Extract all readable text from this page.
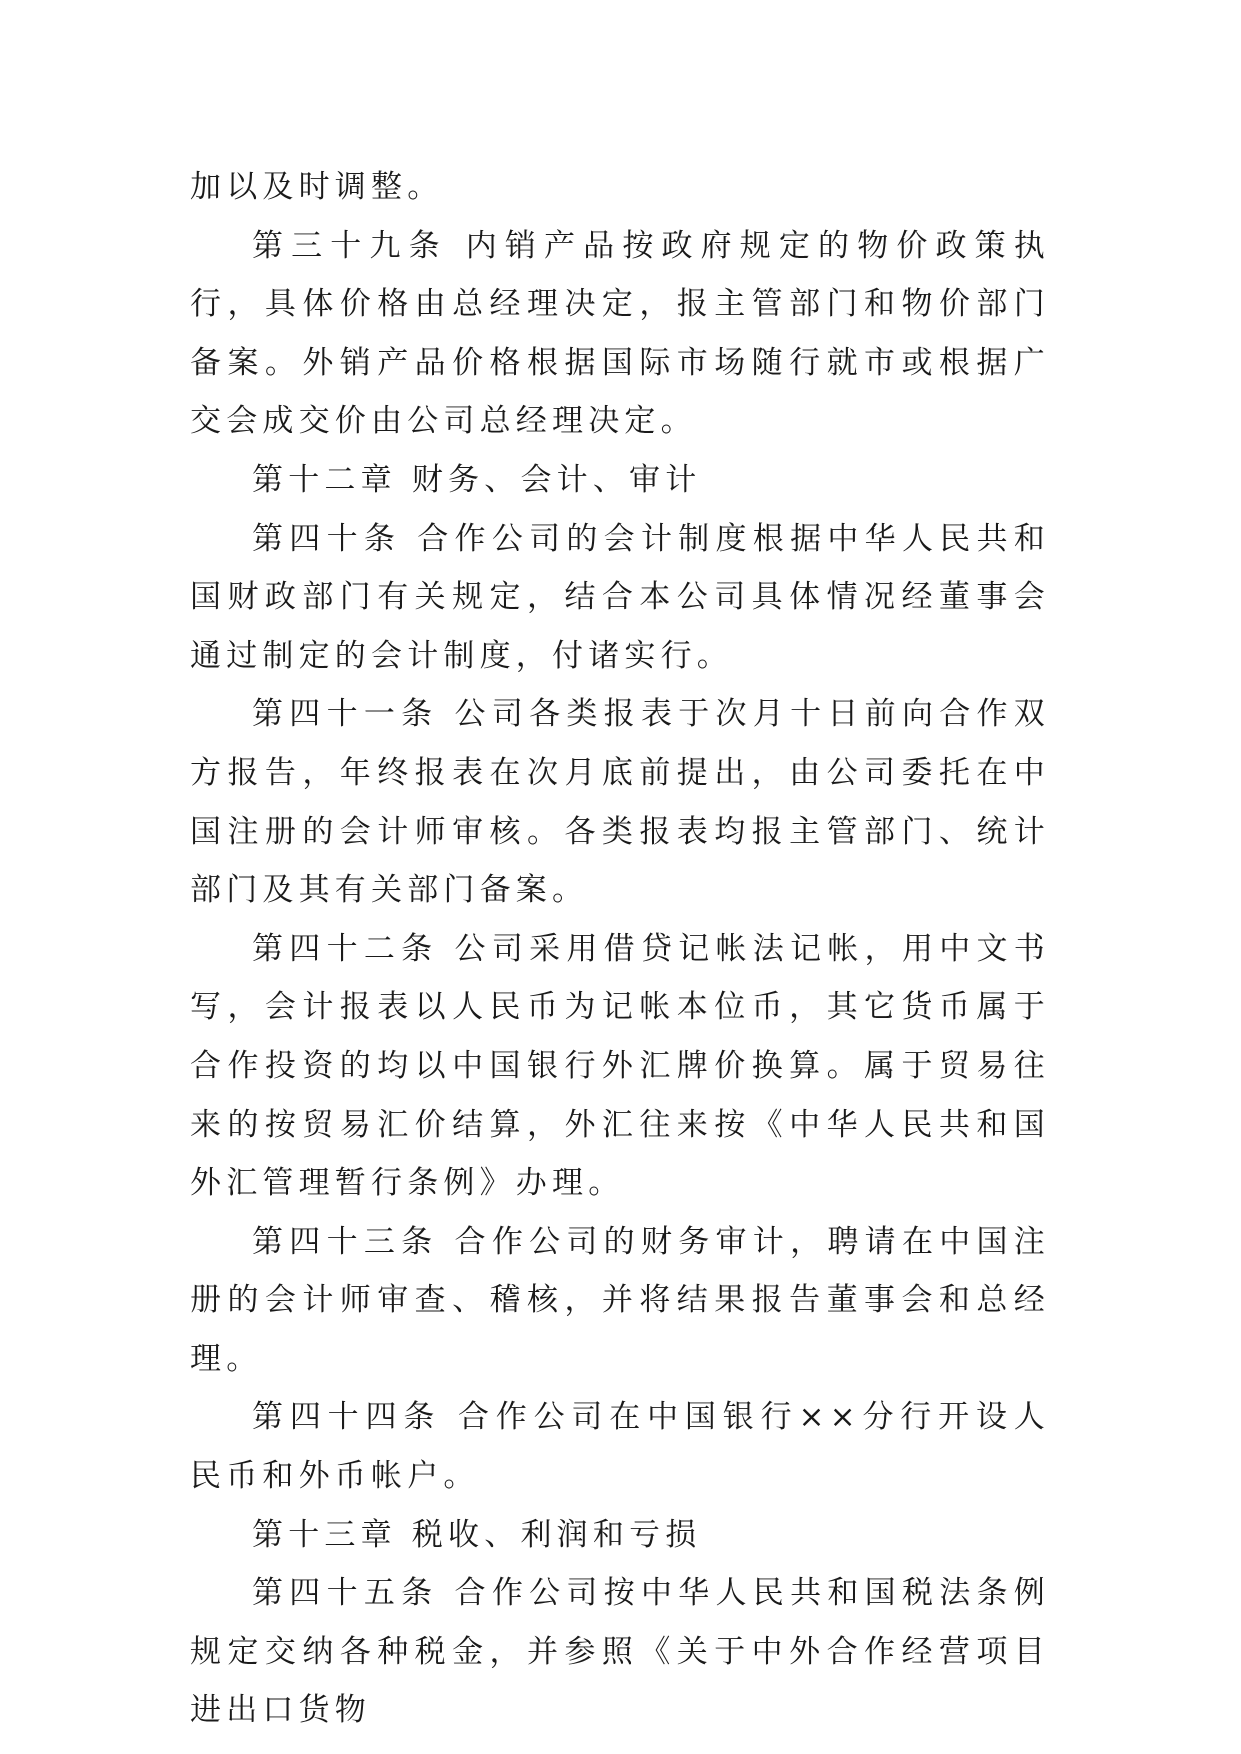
加以及时调整。

第三十九条 内销产品按政府规定的物价政策执行，具体价格由总经理决定，报主管部门和物价部门备案。外销产品价格根据国际市场随行就市或根据广交会成交价由公司总经理决定。

第十二章 财务、会计、审计

第四十条 合作公司的会计制度根据中华人民共和国财政部门有关规定，结合本公司具体情况经董事会通过制定的会计制度，付诸实行。

第四十一条 公司各类报表于次月十日前向合作双方报告，年终报表在次月底前提出，由公司委托在中国注册的会计师审核。各类报表均报主管部门、统计部门及其有关部门备案。

第四十二条 公司采用借贷记帐法记帐，用中文书写，会计报表以人民币为记帐本位币，其它货币属于合作投资的均以中国银行外汇牌价换算。属于贸易往来的按贸易汇价结算，外汇往来按《中华人民共和国外汇管理暂行条例》办理。

第四十三条 合作公司的财务审计，聘请在中国注册的会计师审查、稽核，并将结果报告董事会和总经理。

第四十四条 合作公司在中国银行××分行开设人民币和外币帐户。

第十三章 税收、利润和亏损

第四十五条 合作公司按中华人民共和国税法条例规定交纳各种税金，并参照《关于中外合作经营项目进出口货物
